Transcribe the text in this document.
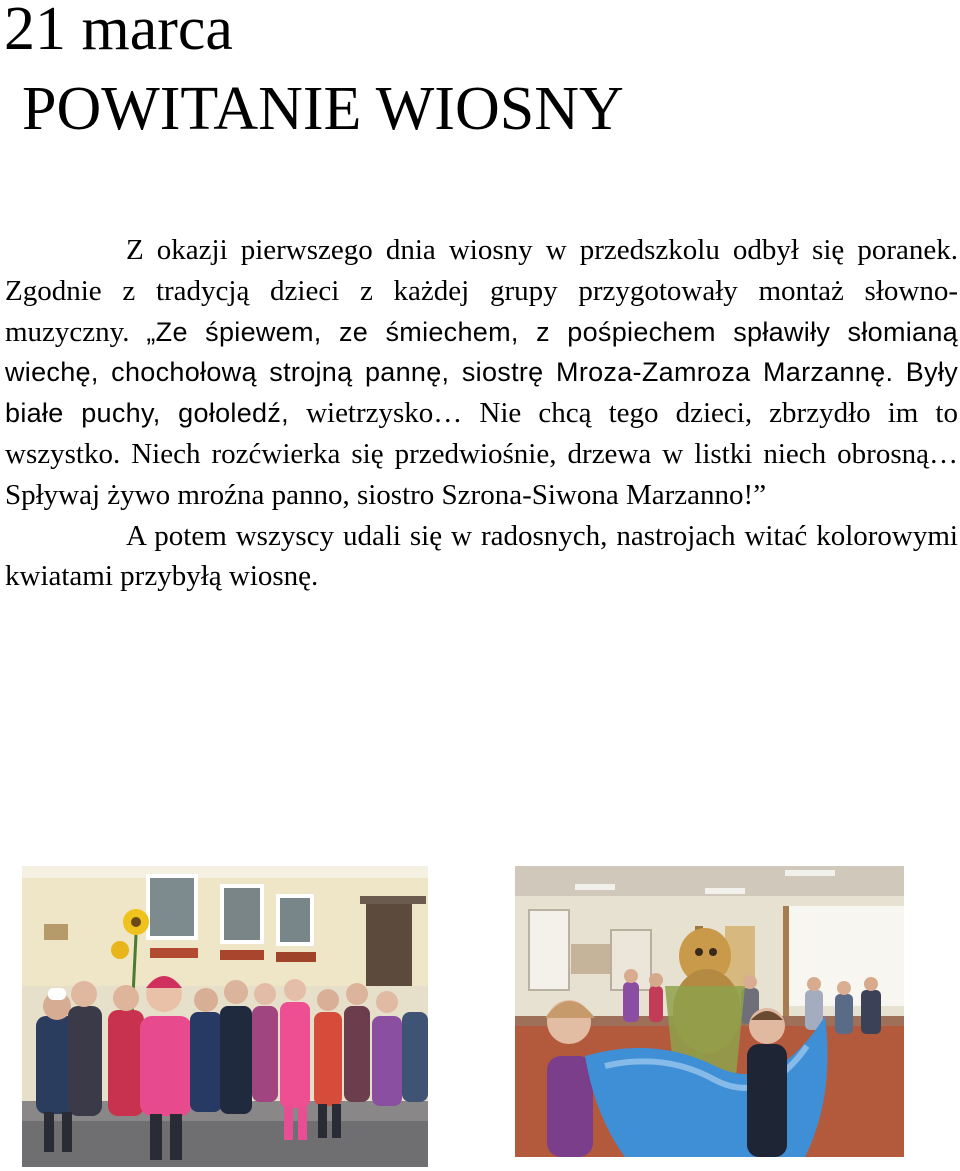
21 marca
POWITANIE WIOSNY

Z okazji pierwszego dnia wiosny w przedszkolu odbył się poranek. Zgodnie z tradycją dzieci z każdej grupy przygotowały montaż słowno-muzyczny. „Ze śpiewem, ze śmiechem, z pośpiechem spławiły słomianą wiechę, chochołową strojną pannę, siostrę Mroza-Zamroza Marzannę. Były białe puchy, gołoledź, wietrzysko… Nie chcą tego dzieci, zbrzydło im to wszystko. Niech rozćwierka się przedwiośnie, drzewa w listki niech obrosną…Spływaj żywo mroźna panno, siostro Szrona-Siwona Marzanno!”

A potem wszyscy udali się w radosnych, nastrojach witać kolorowymi kwiatami przybyłą wiosnę.
